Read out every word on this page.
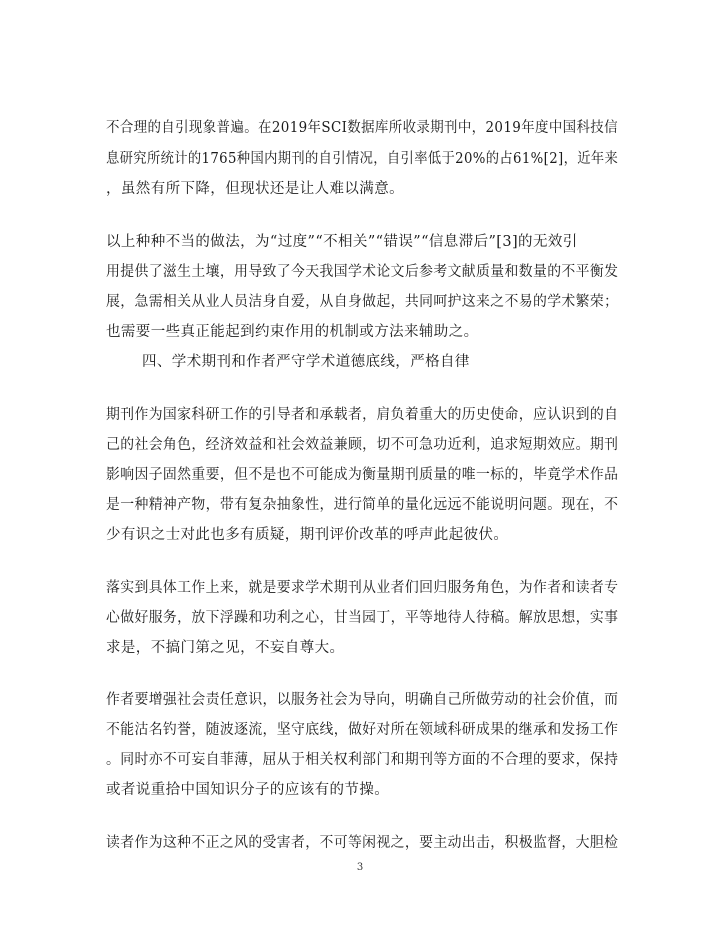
不合理的自引现象普遍。在2019年SCI数据库所收录期刊中，2019年度中国科技信
息研究所统计的1765种国内期刊的自引情况，自引率低于20%的占61%[2]，近年来
，虽然有所下降，但现状还是让人难以满意。
以上种种不当的做法，为“过度”“不相关”“错误”“信息滞后”[3]的无效引
用提供了滋生土壤，用导致了今天我国学术论文后参考文献质量和数量的不平衡发
展，急需相关从业人员洁身自爱，从自身做起，共同呵护这来之不易的学术繁荣；
也需要一些真正能起到约束作用的机制或方法来辅助之。
四、学术期刊和作者严守学术道德底线，严格自律
期刊作为国家科研工作的引导者和承载者，肩负着重大的历史使命，应认识到的自
己的社会角色，经济效益和社会效益兼顾，切不可急功近利，追求短期效应。期刊
影响因子固然重要，但不是也不可能成为衡量期刊质量的唯一标的，毕竟学术作品
是一种精神产物，带有复杂抽象性，进行简单的量化远远不能说明问题。现在，不
少有识之士对此也多有质疑，期刊评价改革的呼声此起彼伏。
落实到具体工作上来，就是要求学术期刊从业者们回归服务角色，为作者和读者专
心做好服务，放下浮躁和功利之心，甘当园丁，平等地待人待稿。解放思想，实事
求是，不搞门第之见，不妄自尊大。
作者要增强社会责任意识，以服务社会为导向，明确自己所做劳动的社会价值，而
不能沽名钓誉，随波逐流，坚守底线，做好对所在领域科研成果的继承和发扬工作
。同时亦不可妄自菲薄，屈从于相关权利部门和期刊等方面的不合理的要求，保持
或者说重拾中国知识分子的应该有的节操。
读者作为这种不正之风的受害者，不可等闲视之，要主动出击，积极监督，大胆检
3
